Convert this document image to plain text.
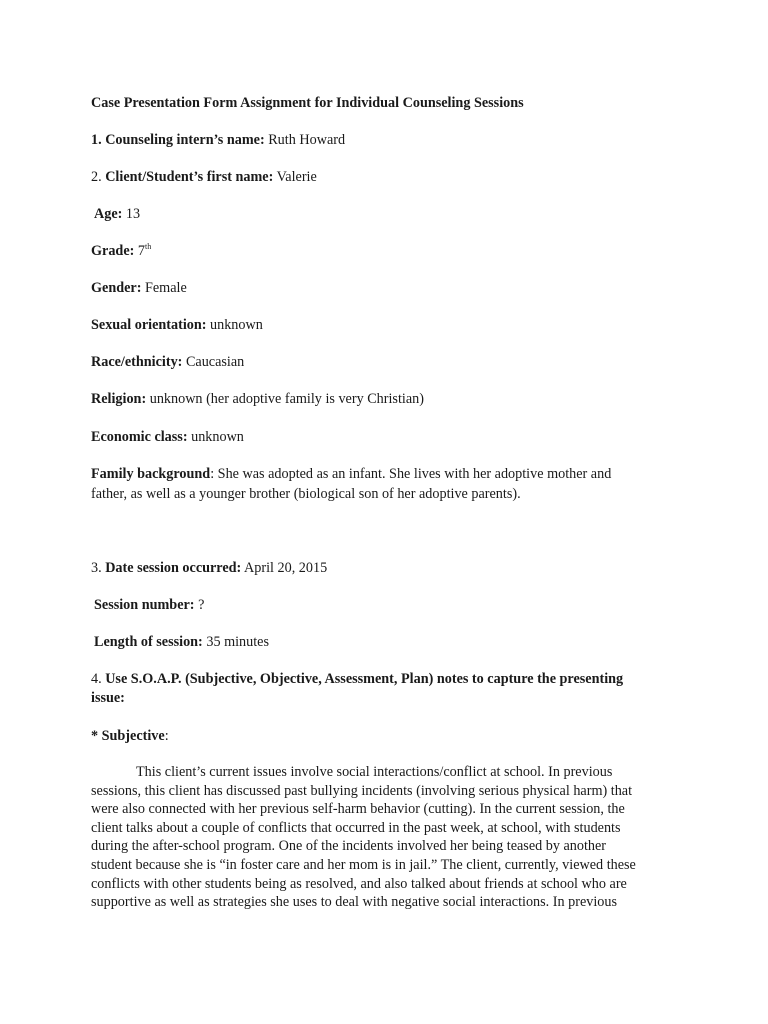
Case Presentation Form Assignment for Individual Counseling Sessions
1. Counseling intern’s name: Ruth Howard
2. Client/Student’s first name: Valerie
Age: 13
Grade: 7th
Gender: Female
Sexual orientation: unknown
Race/ethnicity: Caucasian
Religion: unknown (her adoptive family is very Christian)
Economic class: unknown
Family background: She was adopted as an infant. She lives with her adoptive mother and
father, as well as a younger brother (biological son of her adoptive parents).
3. Date session occurred: April 20, 2015
Session number: ?
Length of session: 35 minutes
4. Use S.O.A.P. (Subjective, Objective, Assessment, Plan) notes to capture the presenting
issue:
* Subjective:

This client’s current issues involve social interactions/conflict at school. In previous

sessions, this client has discussed past bullying incidents (involving serious physical harm) that

were also connected with her previous self-harm behavior (cutting). In the current session, the

client talks about a couple of conflicts that occurred in the past week, at school, with students

during the after-school program. One of the incidents involved her being teased by another

student because she is “in foster care and her mom is in jail.” The client, currently, viewed these

conflicts with other students being as resolved, and also talked about friends at school who are

supportive as well as strategies she uses to deal with negative social interactions. In previous
